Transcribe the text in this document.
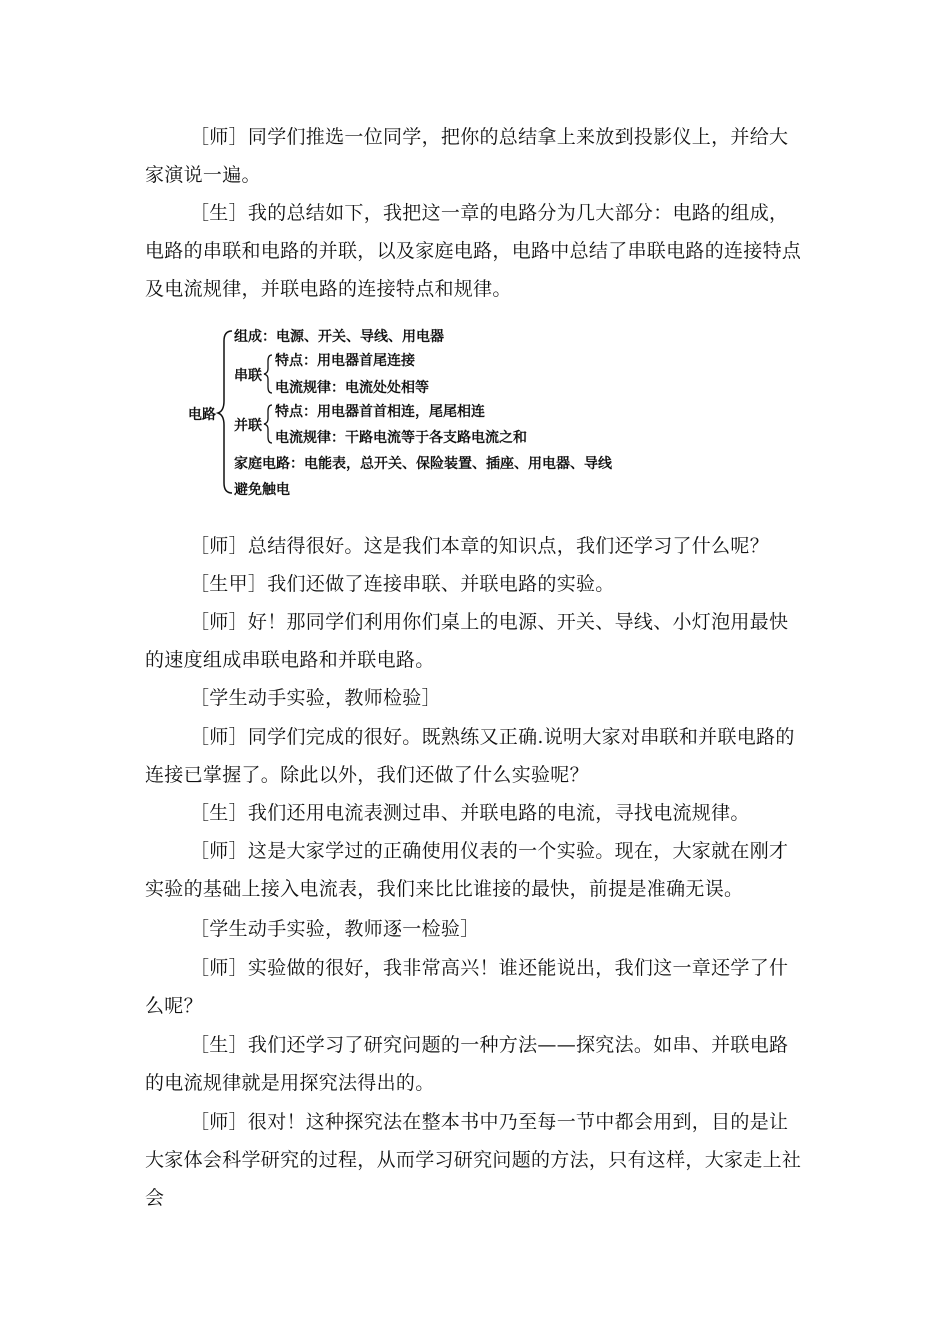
［师］同学们推选一位同学，把你的总结拿上来放到投影仪上，并给大家演说一遍。

［生］我的总结如下，我把这一章的电路分为几大部分：电路的组成，电路的串联和电路的并联，以及家庭电路，电路中总结了串联电路的连接特点及电流规律，并联电路的连接特点和规律。

电路
组成：电源、开关、导线、用电器
串联
特点：用电器首尾连接
电流规律：电流处处相等
并联
特点：用电器首首相连，尾尾相连
电流规律：干路电流等于各支路电流之和
家庭电路：电能表，总开关、保险装置、插座、用电器、导线
避免触电

［师］总结得很好。这是我们本章的知识点，我们还学习了什么呢？

［生甲］我们还做了连接串联、并联电路的实验。

［师］好！那同学们利用你们桌上的电源、开关、导线、小灯泡用最快的速度组成串联电路和并联电路。

［学生动手实验，教师检验］

［师］同学们完成的很好。既熟练又正确.说明大家对串联和并联电路的连接已掌握了。除此以外，我们还做了什么实验呢？

［生］我们还用电流表测过串、并联电路的电流，寻找电流规律。

［师］这是大家学过的正确使用仪表的一个实验。现在，大家就在刚才实验的基础上接入电流表，我们来比比谁接的最快，前提是准确无误。

［学生动手实验，教师逐一检验］

［师］实验做的很好，我非常高兴！谁还能说出，我们这一章还学了什么呢？

［生］我们还学习了研究问题的一种方法——探究法。如串、并联电路的电流规律就是用探究法得出的。

［师］很对！这种探究法在整本书中乃至每一节中都会用到，目的是让大家体会科学研究的过程，从而学习研究问题的方法，只有这样，大家走上社会
